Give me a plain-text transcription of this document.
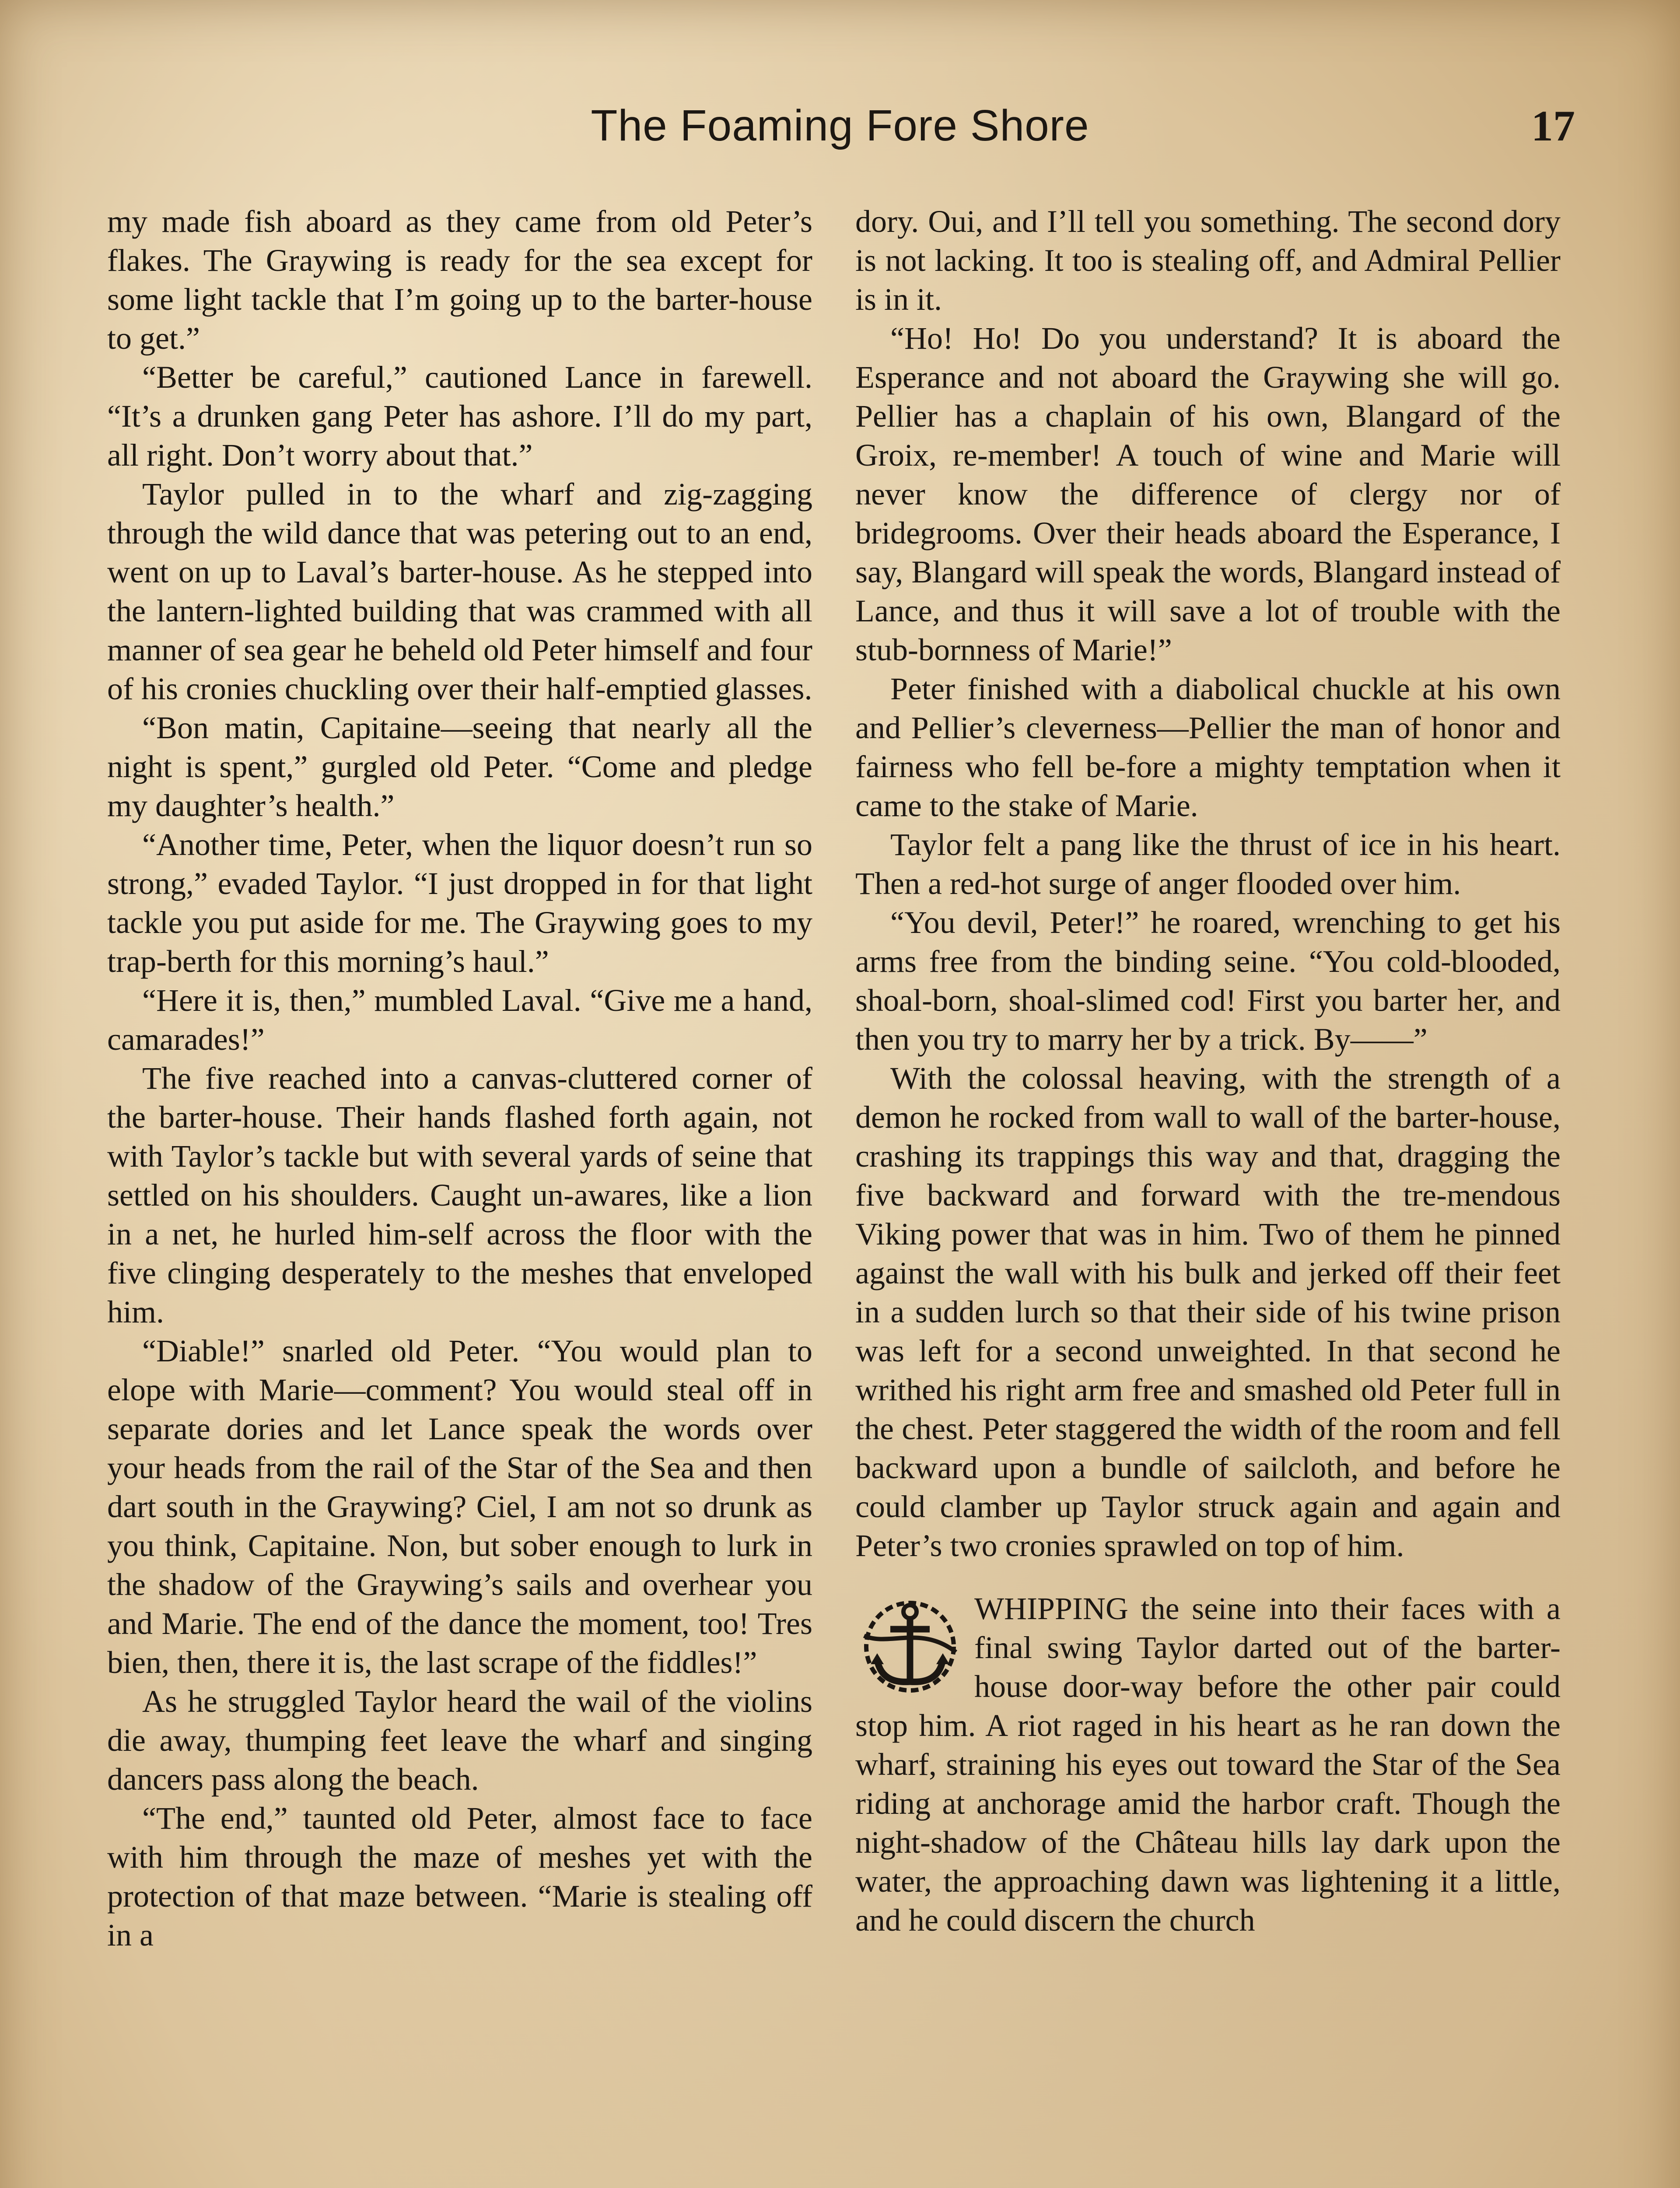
The Foaming Fore Shore	17

my made fish aboard as they came from old Peter’s flakes. The Graywing is ready for the sea except for some light tackle that I’m going up to the barter-house to get.”

“Better be careful,” cautioned Lance in farewell. “It’s a drunken gang Peter has ashore. I’ll do my part, all right. Don’t worry about that.”

Taylor pulled in to the wharf and zig-zagging through the wild dance that was petering out to an end, went on up to Laval’s barter-house. As he stepped into the lantern-lighted building that was crammed with all manner of sea gear he beheld old Peter himself and four of his cronies chuckling over their half-emptied glasses.

“Bon matin, Capitaine—seeing that nearly all the night is spent,” gurgled old Peter. “Come and pledge my daughter’s health.”

“Another time, Peter, when the liquor doesn’t run so strong,” evaded Taylor. “I just dropped in for that light tackle you put aside for me. The Graywing goes to my trap-berth for this morning’s haul.”

“Here it is, then,” mumbled Laval. “Give me a hand, camarades!”

The five reached into a canvas-cluttered corner of the barter-house. Their hands flashed forth again, not with Taylor’s tackle but with several yards of seine that settled on his shoulders. Caught un-awares, like a lion in a net, he hurled him-self across the floor with the five clinging desperately to the meshes that enveloped him.

“Diable!” snarled old Peter. “You would plan to elope with Marie—comment? You would steal off in separate dories and let Lance speak the words over your heads from the rail of the Star of the Sea and then dart south in the Graywing? Ciel, I am not so drunk as you think, Capitaine. Non, but sober enough to lurk in the shadow of the Graywing’s sails and overhear you and Marie. The end of the dance the moment, too! Tres bien, then, there it is, the last scrape of the fiddles!”

As he struggled Taylor heard the wail of the violins die away, thumping feet leave the wharf and singing dancers pass along the beach.

“The end,” taunted old Peter, almost face to face with him through the maze of meshes yet with the protection of that maze between. “Marie is stealing off in a

dory. Oui, and I’ll tell you something. The second dory is not lacking. It too is stealing off, and Admiral Pellier is in it.

“Ho! Ho! Do you understand? It is aboard the Esperance and not aboard the Graywing she will go. Pellier has a chaplain of his own, Blangard of the Groix, re-member! A touch of wine and Marie will never know the difference of clergy nor of bridegrooms. Over their heads aboard the Esperance, I say, Blangard will speak the words, Blangard instead of Lance, and thus it will save a lot of trouble with the stub-bornness of Marie!”

Peter finished with a diabolical chuckle at his own and Pellier’s cleverness—Pellier the man of honor and fairness who fell be-fore a mighty temptation when it came to the stake of Marie.

Taylor felt a pang like the thrust of ice in his heart. Then a red-hot surge of anger flooded over him.

“You devil, Peter!” he roared, wrenching to get his arms free from the binding seine. “You cold-blooded, shoal-born, shoal-slimed cod! First you barter her, and then you try to marry her by a trick. By——”

With the colossal heaving, with the strength of a demon he rocked from wall to wall of the barter-house, crashing its trappings this way and that, dragging the five backward and forward with the tre-mendous Viking power that was in him. Two of them he pinned against the wall with his bulk and jerked off their feet in a sudden lurch so that their side of his twine prison was left for a second unweighted. In that second he writhed his right arm free and smashed old Peter full in the chest. Peter staggered the width of the room and fell backward upon a bundle of sailcloth, and before he could clamber up Taylor struck again and again and Peter’s two cronies sprawled on top of him.

WHIPPING the seine into their faces with a final swing Taylor darted out of the barter-house door-way before the other pair could stop him. A riot raged in his heart as he ran down the wharf, straining his eyes out toward the Star of the Sea riding at anchorage amid the harbor craft. Though the night-shadow of the Château hills lay dark upon the water, the approaching dawn was lightening it a little, and he could discern the church
